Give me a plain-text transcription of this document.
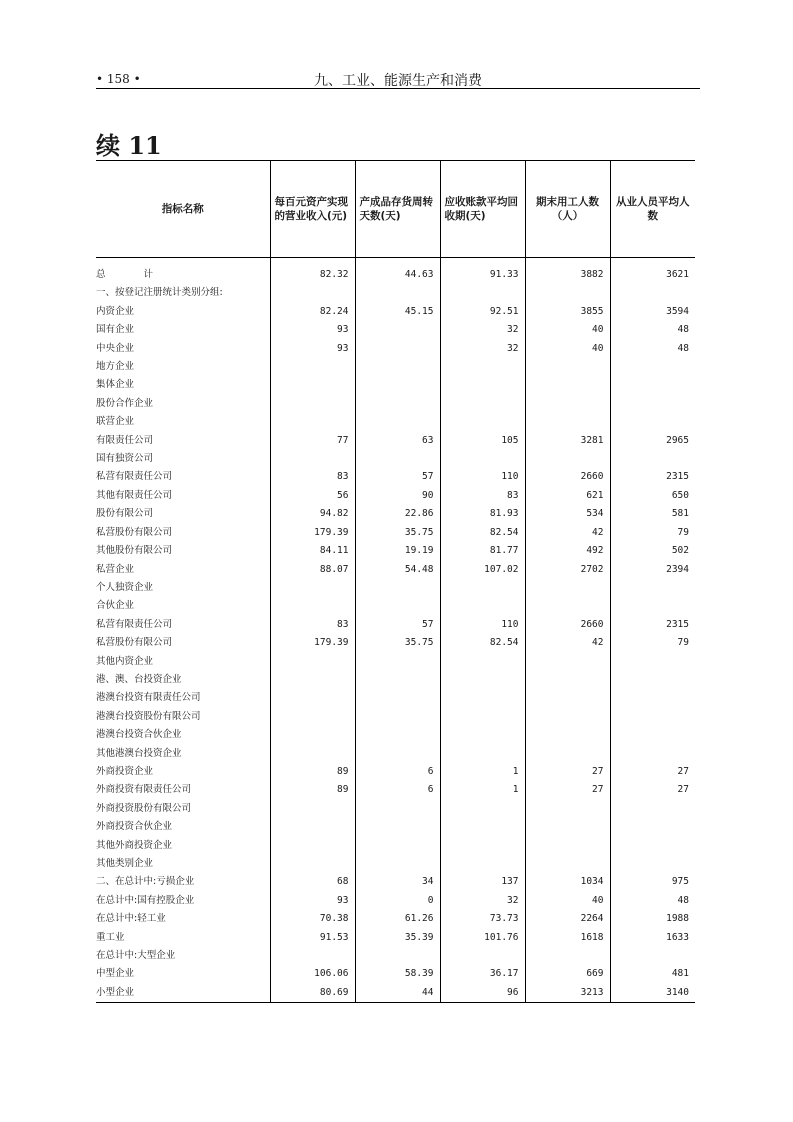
• 158 •	九、工业、能源生产和消费
续 11
指标名称	每百元资产实现的营业收入(元)	产成品存货周转天数(天)	应收账款平均回收期(天)	期末用工人数（人）	从业人员平均人数

总　　　　计	82.32	44.63	91.33	3882	3621
一、按登记注册统计类别分组:					
内资企业	82.24	45.15	92.51	3855	3594
国有企业	93		32	40	48
中央企业	93		32	40	48
地方企业					
集体企业					
股份合作企业					
联营企业					
有限责任公司	77	63	105	3281	2965
国有独资公司					
私营有限责任公司	83	57	110	2660	2315
其他有限责任公司	56	90	83	621	650
股份有限公司	94.82	22.86	81.93	534	581
私营股份有限公司	179.39	35.75	82.54	42	79
其他股份有限公司	84.11	19.19	81.77	492	502
私营企业	88.07	54.48	107.02	2702	2394
个人独资企业					
合伙企业					
私营有限责任公司	83	57	110	2660	2315
私营股份有限公司	179.39	35.75	82.54	42	79
其他内资企业					
港、澳、台投资企业					
港澳台投资有限责任公司					
港澳台投资股份有限公司					
港澳台投资合伙企业					
其他港澳台投资企业					
外商投资企业	89	6	1	27	27
外商投资有限责任公司	89	6	1	27	27
外商投资股份有限公司					
外商投资合伙企业					
其他外商投资企业					
其他类别企业					
二、在总计中:亏损企业	68	34	137	1034	975
在总计中:国有控股企业	93	0	32	40	48
在总计中:轻工业	70.38	61.26	73.73	2264	1988
重工业	91.53	35.39	101.76	1618	1633
在总计中:大型企业					
中型企业	106.06	58.39	36.17	669	481
小型企业	80.69	44	96	3213	3140
